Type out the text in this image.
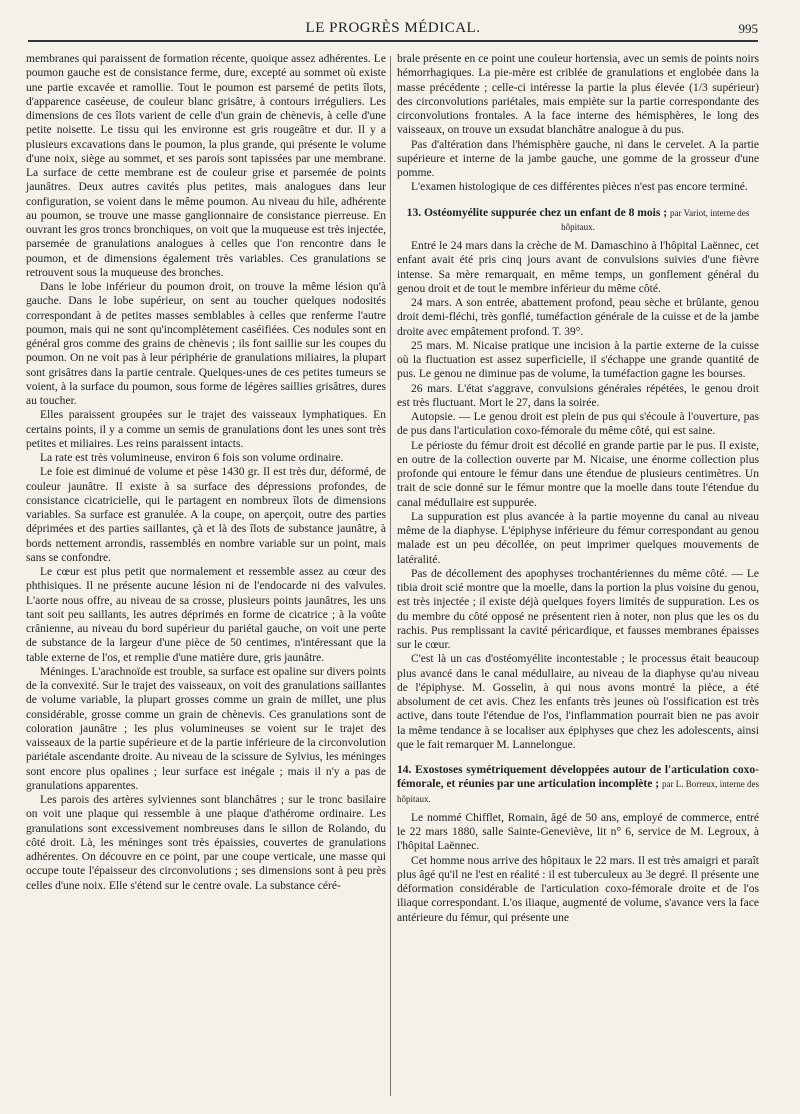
LE PROGRÈS MÉDICAL.	995

membranes qui paraissent de formation récente, quoique assez adhérentes. Le poumon gauche est de consistance ferme, dure, excepté au sommet où existe une partie excavée et ramollie. Tout le poumon est parsemé de petits îlots, d'apparence caséeuse, de couleur blanc grisâtre, à contours irréguliers. Les dimensions de ces îlots varient de celle d'un grain de chènevis, à celle d'une petite noisette. Le tissu qui les environne est gris rougeâtre et dur. Il y a plusieurs excavations dans le poumon, la plus grande, qui présente le volume d'une noix, siège au sommet, et ses parois sont tapissées par une membrane. La surface de cette membrane est de couleur grise et parsemée de points jaunâtres. Deux autres cavités plus petites, mais analogues dans leur configuration, se voient dans le même poumon. Au niveau du hile, adhérente au poumon, se trouve une masse ganglionnaire de consistance pierreuse. En ouvrant les gros troncs bronchiques, on voit que la muqueuse est très injectée, parsemée de granulations analogues à celles que l'on rencontre dans le poumon, et de dimensions également très variables. Ces granulations se retrouvent sous la muqueuse des bronches.

Dans le lobe inférieur du poumon droit, on trouve la même lésion qu'à gauche. Dans le lobe supérieur, on sent au toucher quelques nodosités correspondant à de petites masses semblables à celles que renferme l'autre poumon, mais qui ne sont qu'incomplètement caséifiées. Ces nodules sont en général gros comme des grains de chènevis ; ils font saillie sur les coupes du poumon. On ne voit pas à leur périphérie de granulations miliaires, la plupart sont grisâtres dans la partie centrale. Quelques-unes de ces petites tumeurs se voient, à la surface du poumon, sous forme de légères saillies grisâtres, dures au toucher.

Elles paraissent groupées sur le trajet des vaisseaux lymphatiques. En certains points, il y a comme un semis de granulations dont les unes sont très petites et miliaires. Les reins paraissent intacts.

La rate est très volumineuse, environ 6 fois son volume ordinaire.

Le foie est diminué de volume et pèse 1430 gr. Il est très dur, déformé, de couleur jaunâtre. Il existe à sa surface des dépressions profondes, de consistance cicatricielle, qui le partagent en nombreux îlots de dimensions variables. Sa surface est granulée. A la coupe, on aperçoit, outre des parties déprimées et des parties saillantes, çà et là des îlots de substance jaunâtre, à bords nettement arrondis, rassemblés en nombre variable sur un point, mais sans se confondre.

Le cœur est plus petit que normalement et ressemble assez au cœur des phthisiques. Il ne présente aucune lésion ni de l'endocarde ni des valvules. L'aorte nous offre, au niveau de sa crosse, plusieurs points jaunâtres, les uns tant soit peu saillants, les autres déprimés en forme de cicatrice ; à la voûte crânienne, au niveau du bord supérieur du pariétal gauche, on voit une perte de substance de la largeur d'une pièce de 50 centimes, n'intéressant que la table externe de l'os, et remplie d'une matière dure, gris jaunâtre.

Méninges. L'arachnoïde est trouble, sa surface est opaline sur divers points de la convexité. Sur le trajet des vaisseaux, on voit des granulations saillantes de volume variable, la plupart grosses comme un grain de millet, une plus considérable, grosse comme un grain de chènevis. Ces granulations sont de coloration jaunâtre ; les plus volumineuses se voient sur le trajet des vaisseaux de la partie supérieure et de la partie inférieure de la circonvolution pariétale ascendante droite. Au niveau de la scissure de Sylvius, les méninges sont encore plus opalines ; leur surface est inégale ; mais il n'y a pas de granulations apparentes.

Les parois des artères sylviennes sont blanchâtres ; sur le tronc basilaire on voit une plaque qui ressemble à une plaque d'athérome ordinaire. Les granulations sont excessivement nombreuses dans le sillon de Rolando, du côté droit. Là, les méninges sont très épaissies, couvertes de granulations adhérentes. On découvre en ce point, par une coupe verticale, une masse qui occupe toute l'épaisseur des circonvolutions ; ses dimensions sont à peu près celles d'une noix. Elle s'étend sur le centre ovale. La substance céré-

brale présente en ce point une couleur hortensia, avec un semis de points noirs hémorrhagiques. La pie-mère est criblée de granulations et englobée dans la masse précédente ; celle-ci intéresse la partie la plus élevée (1/3 supérieur) des circonvolutions pariétales, mais empiète sur la partie correspondante des circonvolutions frontales. A la face interne des hémisphères, le long des vaisseaux, on trouve un exsudat blanchâtre analogue à du pus.

Pas d'altération dans l'hémisphère gauche, ni dans le cervelet. A la partie supérieure et interne de la jambe gauche, une gomme de la grosseur d'une pomme.

L'examen histologique de ces différentes pièces n'est pas encore terminé.

13. Ostéomyélite suppurée chez un enfant de 8 mois ; par Variot, interne des hôpitaux.

Entré le 24 mars dans la crèche de M. Damaschino à l'hôpital Laënnec, cet enfant avait été pris cinq jours avant de convulsions suivies d'une fièvre intense. Sa mère remarquait, en même temps, un gonflement général du genou droit et de tout le membre inférieur du même côté.

24 mars. A son entrée, abattement profond, peau sèche et brûlante, genou droit demi-fléchi, très gonflé, tuméfaction générale de la cuisse et de la jambe droite avec empâtement profond. T. 39°.

25 mars. M. Nicaise pratique une incision à la partie externe de la cuisse où la fluctuation est assez superficielle, il s'échappe une grande quantité de pus. Le genou ne diminue pas de volume, la tuméfaction gagne les bourses.

26 mars. L'état s'aggrave, convulsions générales répétées, le genou droit est très fluctuant. Mort le 27, dans la soirée.

Autopsie. — Le genou droit est plein de pus qui s'écoule à l'ouverture, pas de pus dans l'articulation coxo-fémorale du même côté, qui est saine.

Le périoste du fémur droit est décollé en grande partie par le pus. Il existe, en outre de la collection ouverte par M. Nicaise, une énorme collection plus profonde qui entoure le fémur dans une étendue de plusieurs centimètres. Un trait de scie donné sur le fémur montre que la moelle dans toute l'étendue du canal médullaire est suppurée.

La suppuration est plus avancée à la partie moyenne du canal au niveau même de la diaphyse. L'épiphyse inférieure du fémur correspondant au genou malade est un peu décollée, on peut imprimer quelques mouvements de latéralité.

Pas de décollement des apophyses trochantériennes du même côté. — Le tibia droit scié montre que la moelle, dans la portion la plus voisine du genou, est très injectée ; il existe déjà quelques foyers limités de suppuration. Les os du membre du côté opposé ne présentent rien à noter, non plus que les os du rachis. Pus remplissant la cavité péricardique, et fausses membranes épaisses sur le cœur.

C'est là un cas d'ostéomyélite incontestable ; le processus était beaucoup plus avancé dans le canal médullaire, au niveau de la diaphyse qu'au niveau de l'épiphyse. M. Gosselin, à qui nous avons montré la pièce, a été absolument de cet avis. Chez les enfants très jeunes où l'ossification est très active, dans toute l'étendue de l'os, l'inflammation pourrait bien ne pas avoir la même tendance à se localiser aux épiphyses que chez les adolescents, ainsi que le fait remarquer M. Lannelongue.

14. Exostoses symétriquement développées autour de l'articulation coxo-fémorale, et réunies par une articulation incomplète ; par L. Borreux, interne des hôpitaux.

Le nommé Chifflet, Romain, âgé de 50 ans, employé de commerce, entré le 22 mars 1880, salle Sainte-Geneviève, lit n° 6, service de M. Legroux, à l'hôpital Laënnec.

Cet homme nous arrive des hôpitaux le 22 mars. Il est très amaigri et paraît plus âgé qu'il ne l'est en réalité : il est tuberculeux au 3e degré. Il présente une déformation considérable de l'articulation coxo-fémorale droite et de l'os iliaque correspondant. L'os iliaque, augmenté de volume, s'avance vers la face antérieure du fémur, qui présente une
